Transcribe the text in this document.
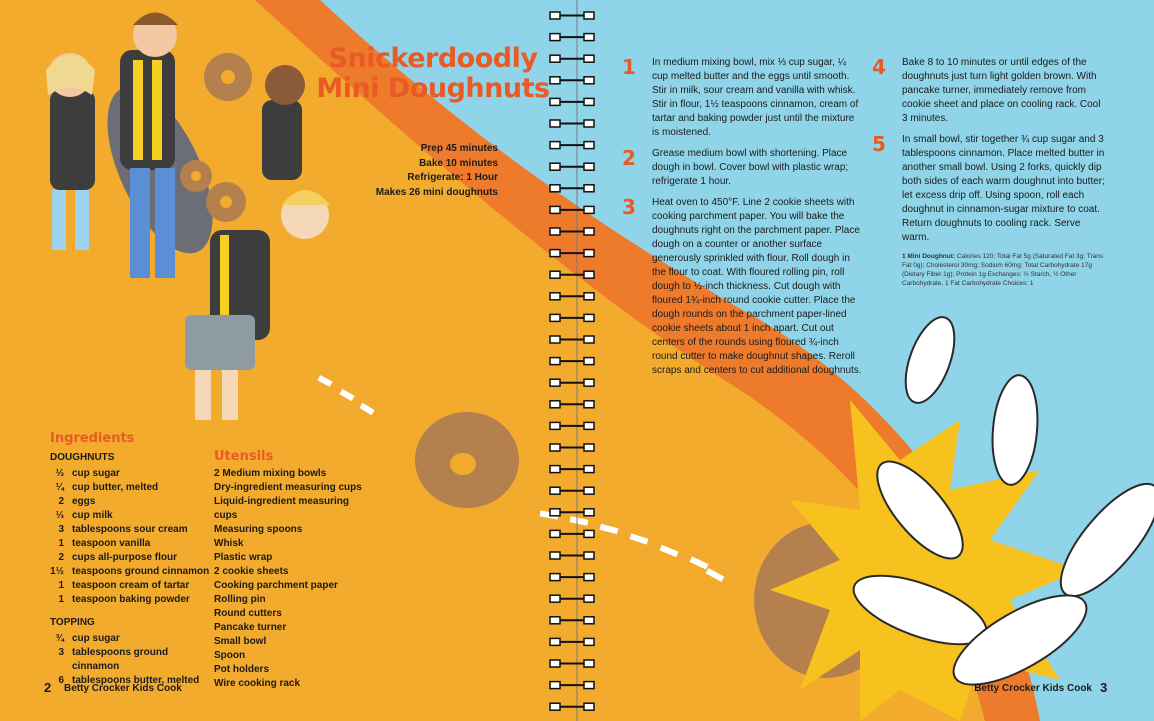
Snickerdoodly Mini Doughnuts
Prep 45 minutes
Bake 10 minutes
Refrigerate: 1 Hour
Makes 26 mini doughnuts
Ingredients
DOUGHNUTS
⅓ cup sugar
¼ cup butter, melted
2 eggs
⅓ cup milk
3 tablespoons sour cream
1 teaspoon vanilla
2 cups all-purpose flour
1½ teaspoons ground cinnamon
1 teaspoon cream of tartar
1 teaspoon baking powder
TOPPING
¾ cup sugar
3 tablespoons ground cinnamon
6 tablespoons butter, melted
Utensils
2 Medium mixing bowls
Dry-ingredient measuring cups
Liquid-ingredient measuring cups
Measuring spoons
Whisk
Plastic wrap
2 cookie sheets
Cooking parchment paper
Rolling pin
Round cutters
Pancake turner
Small bowl
Spoon
Pot holders
Wire cooking rack
1	In medium mixing bowl, mix ⅓ cup sugar, ¼ cup melted butter and the eggs until smooth. Stir in milk, sour cream and vanilla with whisk. Stir in flour, 1½ teaspoons cinnamon, cream of tartar and baking powder just until the mixture is moistened.
2	Grease medium bowl with shortening. Place dough in bowl. Cover bowl with plastic wrap; refrigerate 1 hour.
3	Heat oven to 450°F. Line 2 cookie sheets with cooking parchment paper. You will bake the doughnuts right on the parchment paper. Place dough on a counter or another surface generously sprinkled with flour. Roll dough in the flour to coat. With floured rolling pin, roll dough to ½-inch thickness. Cut dough with floured 1¾-inch round cookie cutter. Place the dough rounds on the parchment paper-lined cookie sheets about 1 inch apart. Cut out centers of the rounds using floured ¾-inch round cutter to make doughnut shapes. Reroll scraps and centers to cut additional doughnuts.
4	Bake 8 to 10 minutes or until edges of the doughnuts just turn light golden brown. With pancake turner, immediately remove from cookie sheet and place on cooling rack. Cool 3 minutes.
5	In small bowl, stir together ¾ cup sugar and 3 tablespoons cinnamon. Place melted butter in another small bowl. Using 2 forks, quickly dip both sides of each warm doughnut into butter; let excess drip off. Using spoon, roll each doughnut in cinnamon-sugar mixture to coat. Return doughnuts to cooling rack. Serve warm.
1 Mini Doughnut: Calories 120; Total Fat 5g (Saturated Fat 3g; Trans Fat 0g); Cholesterol 30mg; Sodium 60mg; Total Carbohydrate 17g (Dietary Fiber 1g); Protein 1g Exchanges: ½ Starch, ½ Other Carbohydrate, 1 Fat Carbohydrate Choices: 1
2 Betty Crocker Kids Cook	Betty Crocker Kids Cook 3
